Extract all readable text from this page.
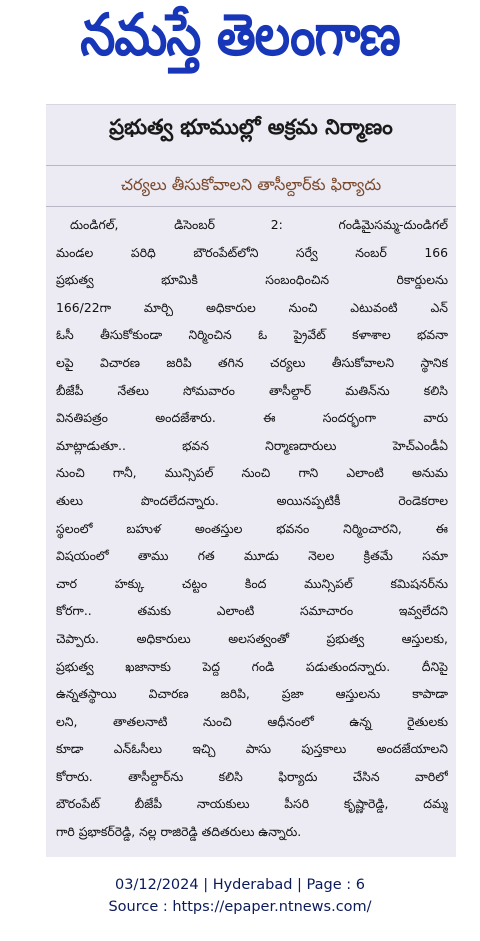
నమస్తే తెలంగాణ
ప్రభుత్వ భూముల్లో అక్రమ నిర్మాణం
చర్యలు తీసుకోవాలని తాసీల్దార్‌కు ఫిర్యాదు
దుండిగల్‌, డిసెంబర్‌ 2: గండిమైసమ్మ-దుండిగల్‌
మండల పరిధి బౌరంపేట్‌లోని సర్వే నంబర్‌ 166
ప్రభుత్వ భూమికి సంబంధించిన రికార్డులను
166/22గా మార్చి అధికారుల నుంచి ఎటువంటి ఎన్‌
ఓసీ తీసుకోకుండా నిర్మించిన ఓ ప్రైవేట్‌ కళాశాల భవనా
లపై విచారణ జరిపి తగిన చర్యలు తీసుకోవాలని స్థానిక
బీజేపీ నేతలు సోమవారం తాసీల్దార్‌ మతిన్‌ను కలిసి
వినతిపత్రం అందజేశారు. ఈ సందర్భంగా వారు
మాట్లాడుతూ.. భవన నిర్మాణదారులు హెచ్‌ఎండీఏ
నుంచి గానీ, మున్సిపల్‌ నుంచి గాని ఎలాంటి అనుమ
తులు పొందలేదన్నారు. అయినప్పటికీ రెండెకరాల
స్థలంలో బహుళ అంతస్తుల భవనం నిర్మించారని, ఈ
విషయంలో తాము గత మూడు నెలల క్రితమే సమా
చార హక్కు చట్టం కింద మున్సిపల్‌ కమిషనర్‌ను
కోరగా.. తమకు ఎలాంటి సమాచారం ఇవ్వలేదని
చెప్పారు. అధికారులు అలసత్వంతో ప్రభుత్వ ఆస్తులకు,
ప్రభుత్వ ఖజానాకు పెద్ద గండి పడుతుందన్నారు. దీనిపై
ఉన్నతస్థాయి విచారణ జరిపి, ప్రజా ఆస్తులను కాపాడా
లని, తాతలనాటి నుంచి ఆధీనంలో ఉన్న రైతులకు
కూడా ఎన్‌ఓసీలు ఇచ్చి పాసు పుస్తకాలు అందజేయాలని
కోరారు. తాసీల్దార్‌ను కలిసి ఫిర్యాదు చేసిన వారిలో
బౌరంపేట్‌ బీజేపీ నాయకులు పీసరి కృష్ణారెడ్డి, దమ్మ
గారి ప్రభాకర్‌రెడ్డి, నల్ల రాజిరెడ్డి తదితరులు ఉన్నారు.
03/12/2024 | Hyderabad | Page : 6
Source : https://epaper.ntnews.com/
